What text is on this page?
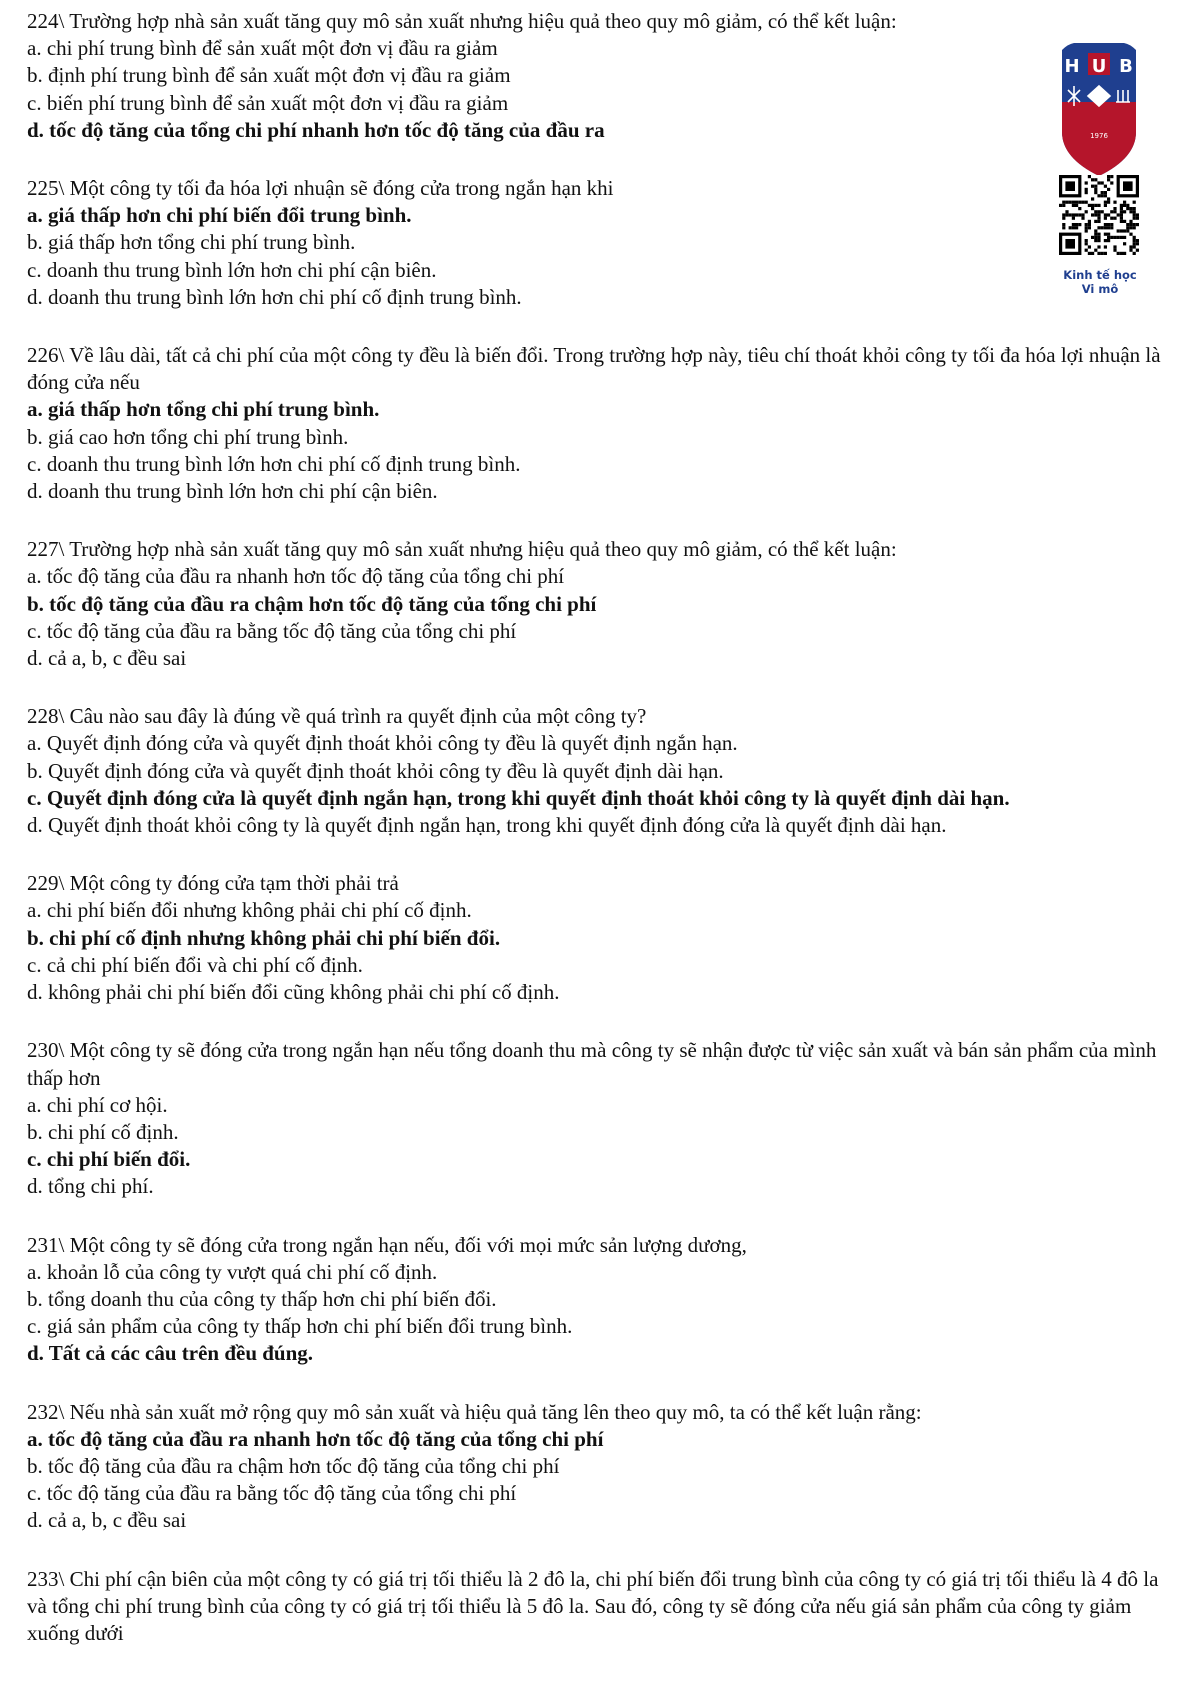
224\ Trường hợp nhà sản xuất tăng quy mô sản xuất nhưng hiệu quả theo quy mô giảm, có thể kết luận:
a. chi phí trung bình để sản xuất một đơn vị đầu ra giảm
b. định phí trung bình để sản xuất một đơn vị đầu ra giảm
c. biến phí trung bình để sản xuất một đơn vị đầu ra giảm
d. tốc độ tăng của tổng chi phí nhanh hơn tốc độ tăng của đầu ra
225\ Một công ty tối đa hóa lợi nhuận sẽ đóng cửa trong ngắn hạn khi
a. giá thấp hơn chi phí biến đổi trung bình.
b. giá thấp hơn tổng chi phí trung bình.
c. doanh thu trung bình lớn hơn chi phí cận biên.
d. doanh thu trung bình lớn hơn chi phí cố định trung bình.
226\ Về lâu dài, tất cả chi phí của một công ty đều là biến đổi. Trong trường hợp này, tiêu chí thoát khỏi công ty tối đa hóa lợi nhuận là đóng cửa nếu
a. giá thấp hơn tổng chi phí trung bình.
b. giá cao hơn tổng chi phí trung bình.
c. doanh thu trung bình lớn hơn chi phí cố định trung bình.
d. doanh thu trung bình lớn hơn chi phí cận biên.
227\ Trường hợp nhà sản xuất tăng quy mô sản xuất nhưng hiệu quả theo quy mô giảm, có thể kết luận:
a. tốc độ tăng của đầu ra nhanh hơn tốc độ tăng của tổng chi phí
b. tốc độ tăng của đầu ra chậm hơn tốc độ tăng của tổng chi phí
c. tốc độ tăng của đầu ra bằng tốc độ tăng của tổng chi phí
d. cả a, b, c đều sai
228\ Câu nào sau đây là đúng về quá trình ra quyết định của một công ty?
a. Quyết định đóng cửa và quyết định thoát khỏi công ty đều là quyết định ngắn hạn.
b. Quyết định đóng cửa và quyết định thoát khỏi công ty đều là quyết định dài hạn.
c. Quyết định đóng cửa là quyết định ngắn hạn, trong khi quyết định thoát khỏi công ty là quyết định dài hạn.
d. Quyết định thoát khỏi công ty là quyết định ngắn hạn, trong khi quyết định đóng cửa là quyết định dài hạn.
229\ Một công ty đóng cửa tạm thời phải trả
a. chi phí biến đổi nhưng không phải chi phí cố định.
b. chi phí cố định nhưng không phải chi phí biến đổi.
c. cả chi phí biến đổi và chi phí cố định.
d. không phải chi phí biến đổi cũng không phải chi phí cố định.
230\ Một công ty sẽ đóng cửa trong ngắn hạn nếu tổng doanh thu mà công ty sẽ nhận được từ việc sản xuất và bán sản phẩm của mình thấp hơn
a. chi phí cơ hội.
b. chi phí cố định.
c. chi phí biến đổi.
d. tổng chi phí.
231\ Một công ty sẽ đóng cửa trong ngắn hạn nếu, đối với mọi mức sản lượng dương,
a. khoản lỗ của công ty vượt quá chi phí cố định.
b. tổng doanh thu của công ty thấp hơn chi phí biến đổi.
c. giá sản phẩm của công ty thấp hơn chi phí biến đổi trung bình.
d. Tất cả các câu trên đều đúng.
232\ Nếu nhà sản xuất mở rộng quy mô sản xuất và hiệu quả tăng lên theo quy mô, ta có thể kết luận rằng:
a. tốc độ tăng của đầu ra nhanh hơn tốc độ tăng của tổng chi phí
b. tốc độ tăng của đầu ra chậm hơn tốc độ tăng của tổng chi phí
c. tốc độ tăng của đầu ra bằng tốc độ tăng của tổng chi phí
d. cả a, b, c đều sai
233\ Chi phí cận biên của một công ty có giá trị tối thiểu là 2 đô la, chi phí biến đổi trung bình của công ty có giá trị tối thiểu là 4 đô la và tổng chi phí trung bình của công ty có giá trị tối thiểu là 5 đô la. Sau đó, công ty sẽ đóng cửa nếu giá sản phẩm của công ty giảm xuống dưới
H U B
1976
Kinh tế học
Vi mô
